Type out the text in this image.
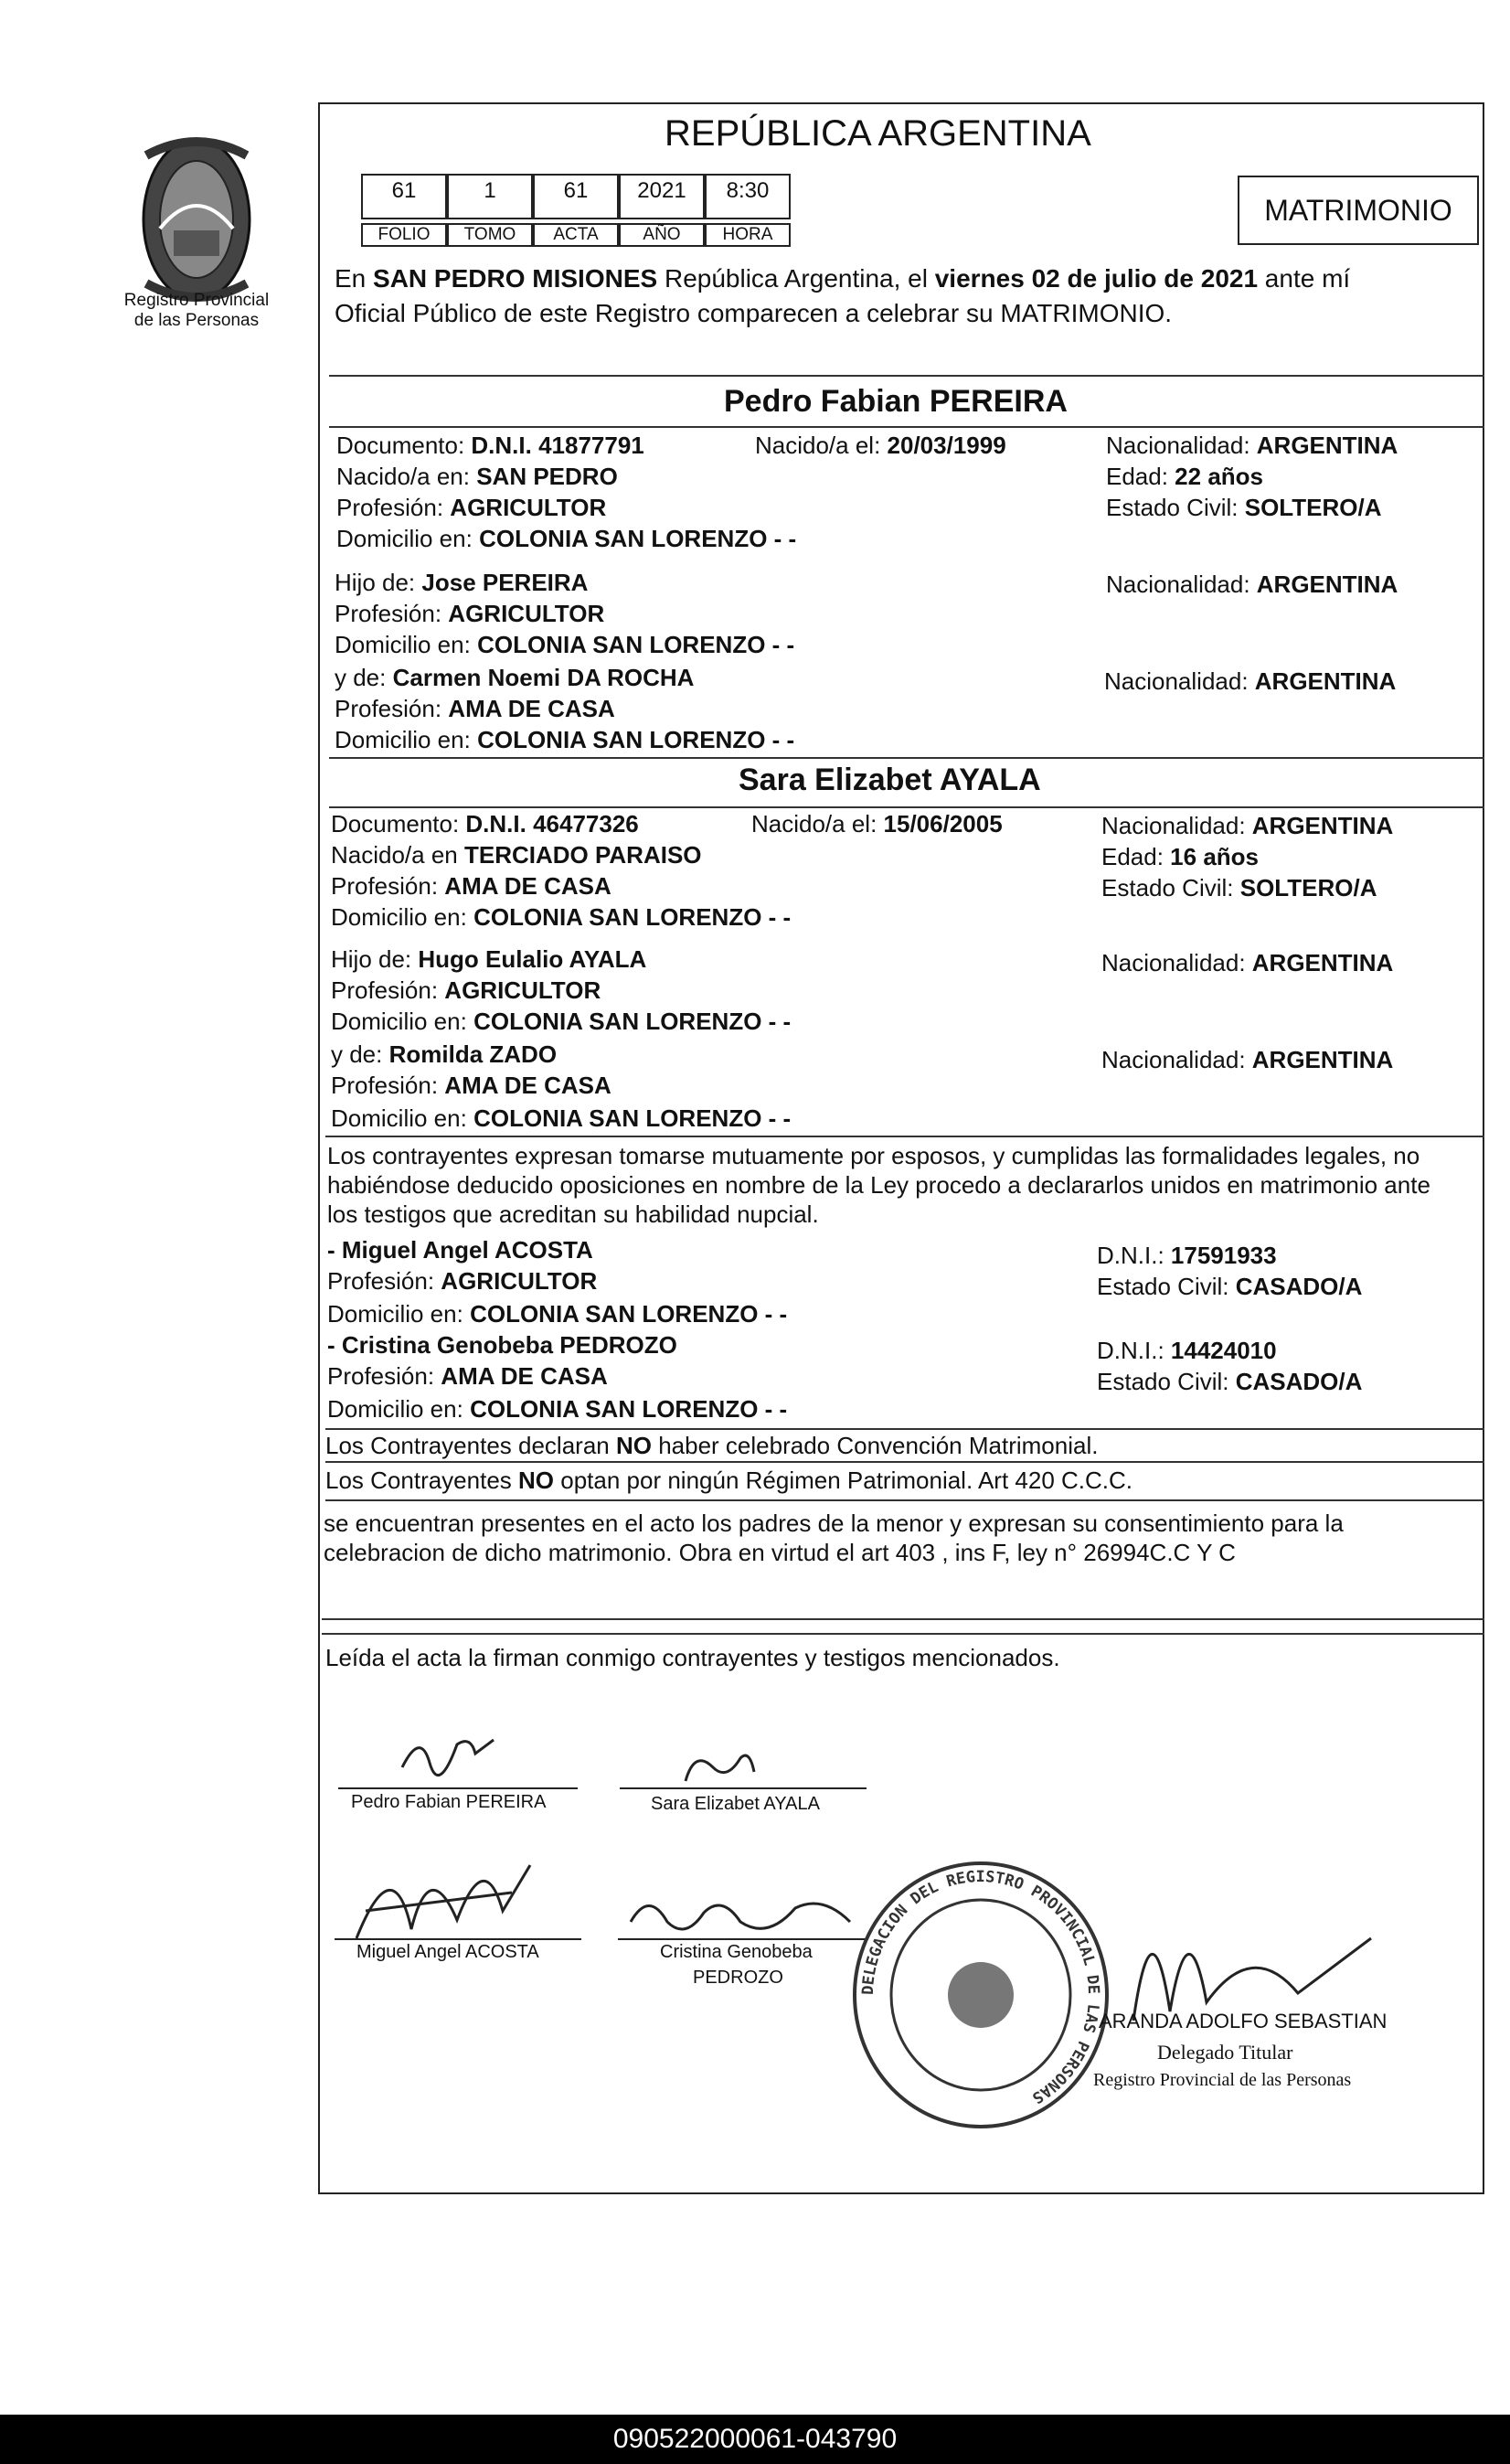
Registro Provincial
de las Personas
REPÚBLICA ARGENTINA
61	1	61	2021	8:30
FOLIO	TOMO	ACTA	AÑO	HORA
MATRIMONIO
En SAN PEDRO MISIONES República Argentina, el viernes 02 de julio de 2021 ante mí
Oficial Público de este Registro comparecen a celebrar su MATRIMONIO.
Pedro Fabian PEREIRA
Documento: D.N.I. 41877791	Nacido/a el: 20/03/1999	Nacionalidad: ARGENTINA
Nacido/a en: SAN PEDRO	Edad: 22 años
Profesión: AGRICULTOR	Estado Civil: SOLTERO/A
Domicilio en: COLONIA SAN LORENZO - -
Hijo de: Jose PEREIRA	Nacionalidad: ARGENTINA
Profesión: AGRICULTOR
Domicilio en: COLONIA SAN LORENZO - -
y de: Carmen Noemi DA ROCHA	Nacionalidad: ARGENTINA
Profesión: AMA DE CASA
Domicilio en: COLONIA SAN LORENZO - -
Sara Elizabet AYALA
Documento: D.N.I. 46477326	Nacido/a el: 15/06/2005	Nacionalidad: ARGENTINA
Nacido/a en TERCIADO PARAISO	Edad: 16 años
Profesión: AMA DE CASA	Estado Civil: SOLTERO/A
Domicilio en: COLONIA SAN LORENZO - -
Hijo de: Hugo Eulalio AYALA	Nacionalidad: ARGENTINA
Profesión: AGRICULTOR
Domicilio en: COLONIA SAN LORENZO - -
y de: Romilda ZADO	Nacionalidad: ARGENTINA
Profesión: AMA DE CASA
Domicilio en: COLONIA SAN LORENZO - -
Los contrayentes expresan tomarse mutuamente por esposos, y cumplidas las formalidades legales, no
habiéndose deducido oposiciones en nombre de la Ley procedo a declararlos unidos en matrimonio ante
los testigos que acreditan su habilidad nupcial.
- Miguel Angel ACOSTA	D.N.I.: 17591933
Profesión: AGRICULTOR	Estado Civil: CASADO/A
Domicilio en: COLONIA SAN LORENZO - -
- Cristina Genobeba PEDROZO	D.N.I.: 14424010
Profesión: AMA DE CASA	Estado Civil: CASADO/A
Domicilio en: COLONIA SAN LORENZO - -
Los Contrayentes declaran NO haber celebrado Convención Matrimonial.
Los Contrayentes NO optan por ningún Régimen Patrimonial. Art 420 C.C.C.
se encuentran presentes en el acto los padres de la menor y expresan su consentimiento para la
celebracion de dicho matrimonio. Obra en virtud el art 403 , ins F, ley n° 26994C.C Y C
Leída el acta la firman conmigo contrayentes y testigos mencionados.
Pedro Fabian PEREIRA	Sara Elizabet AYALA
Miguel Angel ACOSTA	Cristina Genobeba
PEDROZO
DELEGACION DEL REGISTRO PROVINCIAL DE LAS PERSONAS
ARANDA ADOLFO SEBASTIAN
Delegado Titular
Registro Provincial de las Personas
090522000061-043790
